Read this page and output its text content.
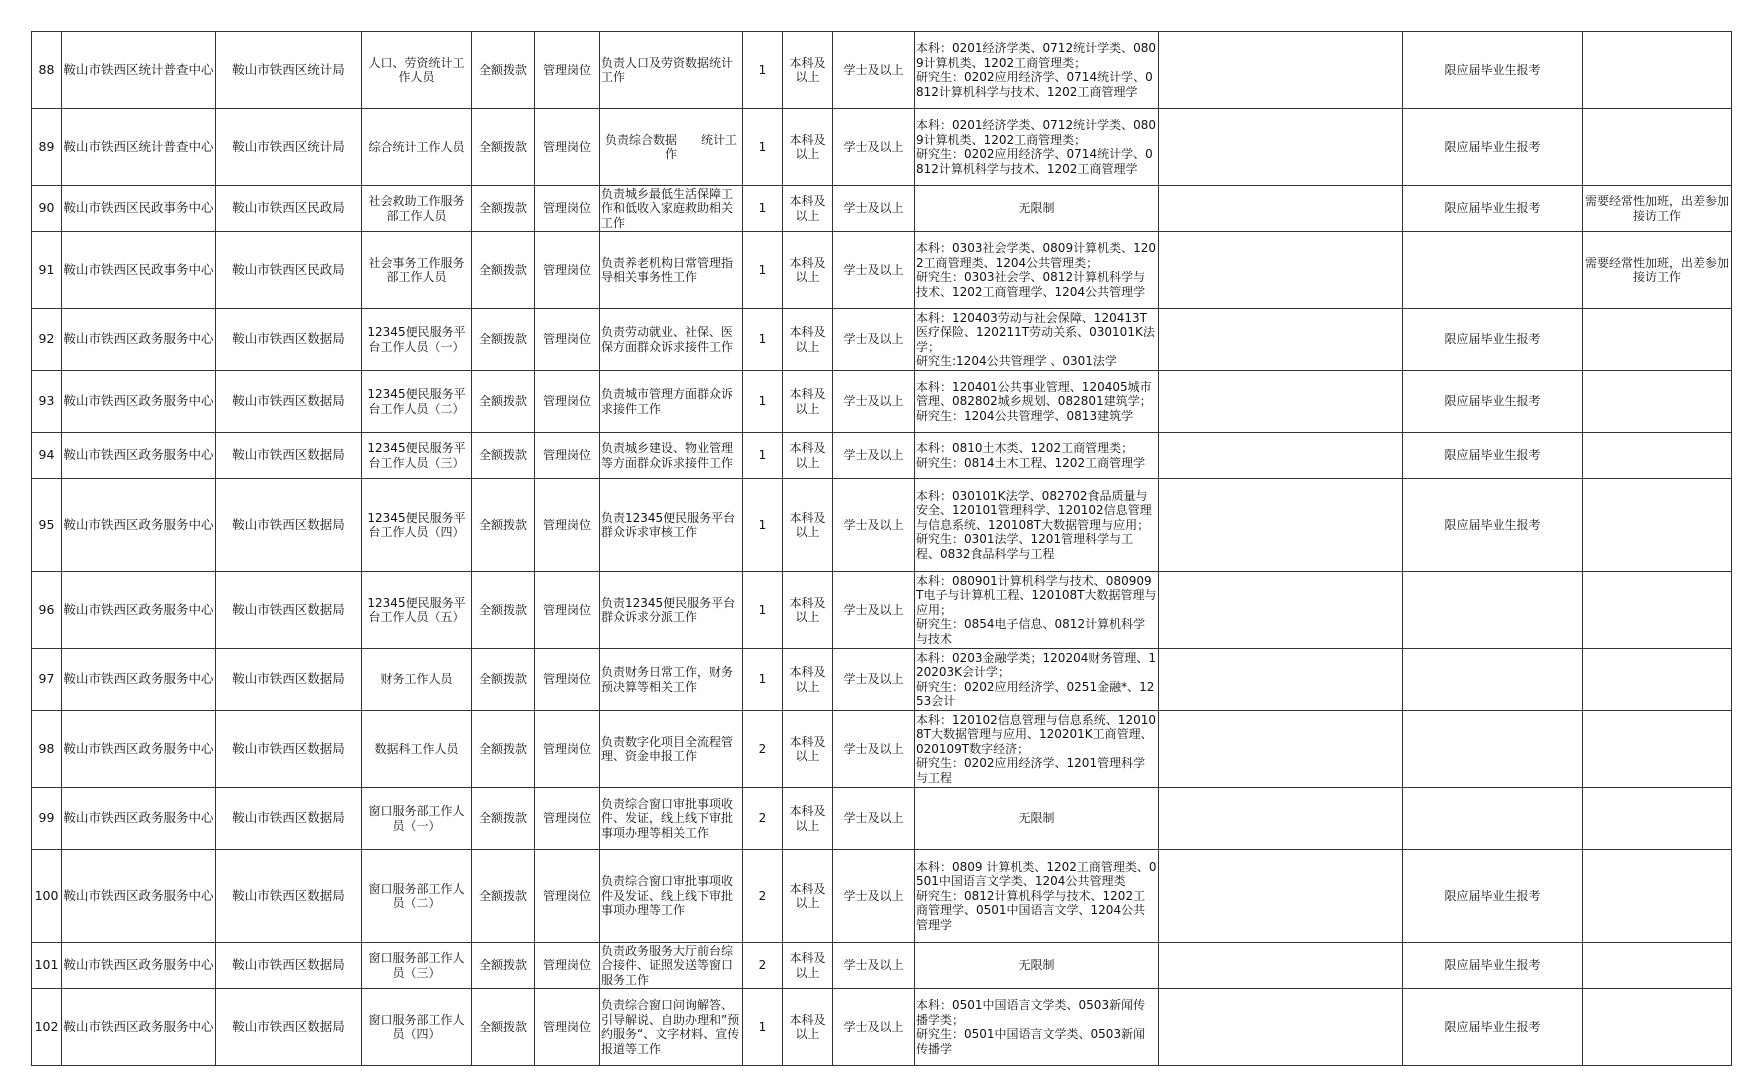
88	鞍山市铁西区统计普查中心	鞍山市铁西区统计局	人口、劳资统计工作人员	全额拨款	管理岗位	负责人口及劳资数据统计工作	1	本科及以上	学士及以上	本科：0201经济学类、0712统计学类、0809计算机类、1202工商管理类；
研究生：0202应用经济学、0714统计学、0812计算机科学与技术、1202工商管理学		限应届毕业生报考	
89	鞍山市铁西区统计普查中心	鞍山市铁西区统计局	综合统计工作人员	全额拨款	管理岗位	负责综合数据　　统计工作	1	本科及以上	学士及以上	本科：0201经济学类、0712统计学类、0809计算机类、1202工商管理类；
研究生：0202应用经济学、0714统计学、0812计算机科学与技术、1202工商管理学		限应届毕业生报考	
90	鞍山市铁西区民政事务中心	鞍山市铁西区民政局	社会救助工作服务部工作人员	全额拨款	管理岗位	负责城乡最低生活保障工作和低收入家庭救助相关工作	1	本科及以上	学士及以上	无限制		限应届毕业生报考	需要经常性加班，出差参加接访工作
91	鞍山市铁西区民政事务中心	鞍山市铁西区民政局	社会事务工作服务部工作人员	全额拨款	管理岗位	负责养老机构日常管理指导相关事务性工作	1	本科及以上	学士及以上	本科：0303社会学类、0809计算机类、1202工商管理类、1204公共管理类；
研究生：0303社会学、0812计算机科学与技术、1202工商管理学、1204公共管理学			需要经常性加班，出差参加接访工作
92	鞍山市铁西区政务服务中心	鞍山市铁西区数据局	12345便民服务平台工作人员（一）	全额拨款	管理岗位	负责劳动就业、社保、医保方面群众诉求接件工作	1	本科及以上	学士及以上	本科：120403劳动与社会保障、120413T医疗保险、120211T劳动关系、030101K法学；
研究生:1204公共管理学 、0301法学		限应届毕业生报考	
93	鞍山市铁西区政务服务中心	鞍山市铁西区数据局	12345便民服务平台工作人员（二）	全额拨款	管理岗位	负责城市管理方面群众诉求接件工作	1	本科及以上	学士及以上	本科：120401公共事业管理、120405城市管理、082802城乡规划、082801建筑学；
研究生：1204公共管理学、0813建筑学		限应届毕业生报考	
94	鞍山市铁西区政务服务中心	鞍山市铁西区数据局	12345便民服务平台工作人员（三）	全额拨款	管理岗位	负责城乡建设、物业管理等方面群众诉求接件工作	1	本科及以上	学士及以上	本科：0810土木类、1202工商管理类；
研究生：0814土木工程、1202工商管理学		限应届毕业生报考	
95	鞍山市铁西区政务服务中心	鞍山市铁西区数据局	12345便民服务平台工作人员（四）	全额拨款	管理岗位	负责12345便民服务平台群众诉求审核工作	1	本科及以上	学士及以上	本科：030101K法学、082702食品质量与安全、120101管理科学、120102信息管理与信息系统、120108T大数据管理与应用；
研究生：0301法学、1201管理科学与工程、0832食品科学与工程		限应届毕业生报考	
96	鞍山市铁西区政务服务中心	鞍山市铁西区数据局	12345便民服务平台工作人员（五）	全额拨款	管理岗位	负责12345便民服务平台群众诉求分派工作	1	本科及以上	学士及以上	本科：080901计算机科学与技术、080909T电子与计算机工程、120108T大数据管理与应用；
研究生：0854电子信息、0812计算机科学与技术			
97	鞍山市铁西区政务服务中心	鞍山市铁西区数据局	财务工作人员	全额拨款	管理岗位	负责财务日常工作，财务预决算等相关工作	1	本科及以上	学士及以上	本科：0203金融学类；120204财务管理、120203K会计学；
研究生：0202应用经济学、0251金融*、1253会计			
98	鞍山市铁西区政务服务中心	鞍山市铁西区数据局	数据科工作人员	全额拨款	管理岗位	负责数字化项目全流程管理、资金申报工作	2	本科及以上	学士及以上	本科：120102信息管理与信息系统、120108T大数据管理与应用、120201K工商管理、020109T数字经济；
研究生：0202应用经济学、1201管理科学与工程			
99	鞍山市铁西区政务服务中心	鞍山市铁西区数据局	窗口服务部工作人员（一）	全额拨款	管理岗位	负责综合窗口审批事项收件、发证，线上线下审批事项办理等相关工作	2	本科及以上	学士及以上	无限制			
100	鞍山市铁西区政务服务中心	鞍山市铁西区数据局	窗口服务部工作人员（二）	全额拨款	管理岗位	负责综合窗口审批事项收件及发证、线上线下审批事项办理等工作	2	本科及以上	学士及以上	本科：0809 计算机类、1202工商管理类、0501中国语言文学类、1204公共管理类
研究生：0812计算机科学与技术、1202工商管理学、0501中国语言文学、1204公共管理学		限应届毕业生报考	
101	鞍山市铁西区政务服务中心	鞍山市铁西区数据局	窗口服务部工作人员（三）	全额拨款	管理岗位	负责政务服务大厅前台综合接件、证照发送等窗口服务工作	2	本科及以上	学士及以上	无限制		限应届毕业生报考	
102	鞍山市铁西区政务服务中心	鞍山市铁西区数据局	窗口服务部工作人员（四）	全额拨款	管理岗位	负责综合窗口问询解答、引导解说、自助办理和”预约服务“、文字材料、宣传报道等工作	1	本科及以上	学士及以上	本科：0501中国语言文学类、0503新闻传播学类；
研究生：0501中国语言文学类、0503新闻传播学		限应届毕业生报考	
